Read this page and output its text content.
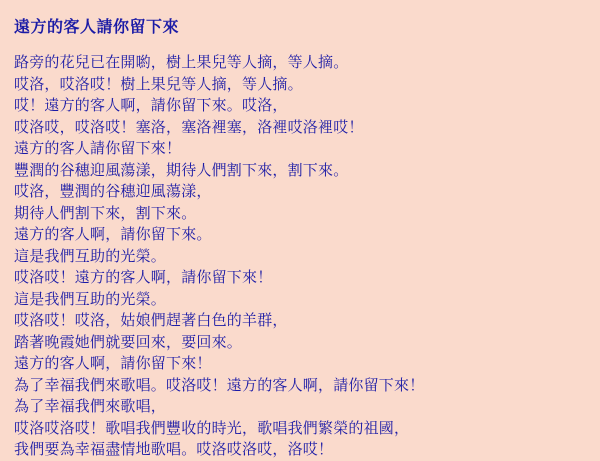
遠方的客人請你留下來
路旁的花兒已在開喲，樹上果兒等人摘，等人摘。
哎洛，哎洛哎！樹上果兒等人摘，等人摘。
哎！遠方的客人啊，請你留下來。哎洛，
哎洛哎，哎洛哎！塞洛，塞洛裡塞，洛裡哎洛裡哎！
遠方的客人請你留下來！
豐潤的谷穗迎風蕩漾，期待人們割下來，割下來。
哎洛，豐潤的谷穗迎風蕩漾，
期待人們割下來，割下來。
遠方的客人啊，請你留下來。
這是我們互助的光榮。
哎洛哎！遠方的客人啊，請你留下來！
這是我們互助的光榮。
哎洛哎！哎洛，姑娘們趕著白色的羊群，
踏著晚霞她們就要回來，要回來。
遠方的客人啊，請你留下來！
為了幸福我們來歌唱。哎洛哎！遠方的客人啊，請你留下來！
為了幸福我們來歌唱，
哎洛哎洛哎！歌唱我們豐收的時光，歌唱我們繁榮的祖國，
我們要為幸福盡情地歌唱。哎洛哎洛哎，洛哎！
